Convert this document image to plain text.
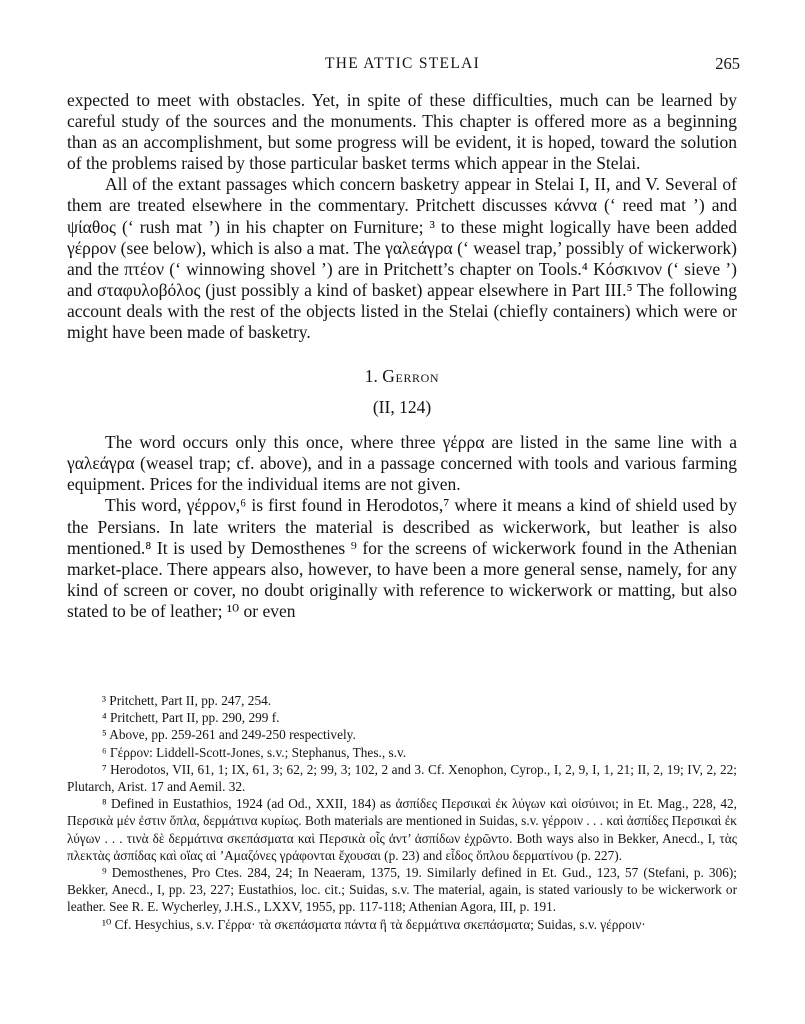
THE ATTIC STELAI	265

expected to meet with obstacles. Yet, in spite of these difficulties, much can be learned by careful study of the sources and the monuments. This chapter is offered more as a beginning than as an accomplishment, but some progress will be evident, it is hoped, toward the solution of the problems raised by those particular basket terms which appear in the Stelai.

All of the extant passages which concern basketry appear in Stelai I, II, and V. Several of them are treated elsewhere in the commentary. Pritchett discusses κάννα (‘ reed mat ’) and ψίαθος (‘ rush mat ’) in his chapter on Furniture; ³ to these might logically have been added γέρρον (see below), which is also a mat. The γαλεάγρα (‘ weasel trap,’ possibly of wickerwork) and the πτέον (‘ winnowing shovel ’) are in Pritchett’s chapter on Tools.⁴ Κόσκινον (‘ sieve ’) and σταφυλοβόλος (just possibly a kind of basket) appear elsewhere in Part III.⁵ The following account deals with the rest of the objects listed in the Stelai (chiefly containers) which were or might have been made of basketry.

1. Gerron

(II, 124)

The word occurs only this once, where three γέρρα are listed in the same line with a γαλεάγρα (weasel trap; cf. above), and in a passage concerned with tools and various farming equipment. Prices for the individual items are not given.

This word, γέρρον,⁶ is first found in Herodotos,⁷ where it means a kind of shield used by the Persians. In late writers the material is described as wickerwork, but leather is also mentioned.⁸ It is used by Demosthenes ⁹ for the screens of wickerwork found in the Athenian market-place. There appears also, however, to have been a more general sense, namely, for any kind of screen or cover, no doubt originally with reference to wickerwork or matting, but also stated to be of leather; ¹⁰ or even

³ Pritchett, Part II, pp. 247, 254.

⁴ Pritchett, Part II, pp. 290, 299 f.

⁵ Above, pp. 259-261 and 249-250 respectively.

⁶ Γέρρον: Liddell-Scott-Jones, s.v.; Stephanus, Thes., s.v.

⁷ Herodotos, VII, 61, 1; IX, 61, 3; 62, 2; 99, 3; 102, 2 and 3. Cf. Xenophon, Cyrop., I, 2, 9, I, 1, 21; II, 2, 19; IV, 2, 22; Plutarch, Arist. 17 and Aemil. 32.

⁸ Defined in Eustathios, 1924 (ad Od., XXII, 184) as ἀσπίδες Περσικαὶ ἐκ λύγων καὶ οἰσύινοι; in Et. Mag., 228, 42, Περσικὰ μέν ἐστιν ὅπλα, δερμάτινα κυρίως. Both materials are mentioned in Suidas, s.v. γέρροιν . . . καὶ ἀσπίδες Περσικαὶ ἐκ λύγων . . . τινὰ δὲ δερμάτινα σκεπάσματα καὶ Περσικὰ οἷς ἀντ’ ἀσπίδων ἐχρῶντο. Both ways also in Bekker, Anecd., I, τὰς πλεκτὰς ἀσπίδας καὶ οἵας αἱ ’Αμαζόνες γράφονται ἔχουσαι (p. 23) and εἶδος ὅπλου δερματίνου (p. 227).

⁹ Demosthenes, Pro Ctes. 284, 24; In Neaeram, 1375, 19. Similarly defined in Et. Gud., 123, 57 (Stefani, p. 306); Bekker, Anecd., I, pp. 23, 227; Eustathios, loc. cit.; Suidas, s.v. The material, again, is stated variously to be wickerwork or leather. See R. E. Wycherley, J.H.S., LXXV, 1955, pp. 117-118; Athenian Agora, III, p. 191.

¹⁰ Cf. Hesychius, s.v. Γέρρα· τὰ σκεπάσματα πάντα ἢ τὰ δερμάτινα σκεπάσματα; Suidas, s.v. γέρροιν·
